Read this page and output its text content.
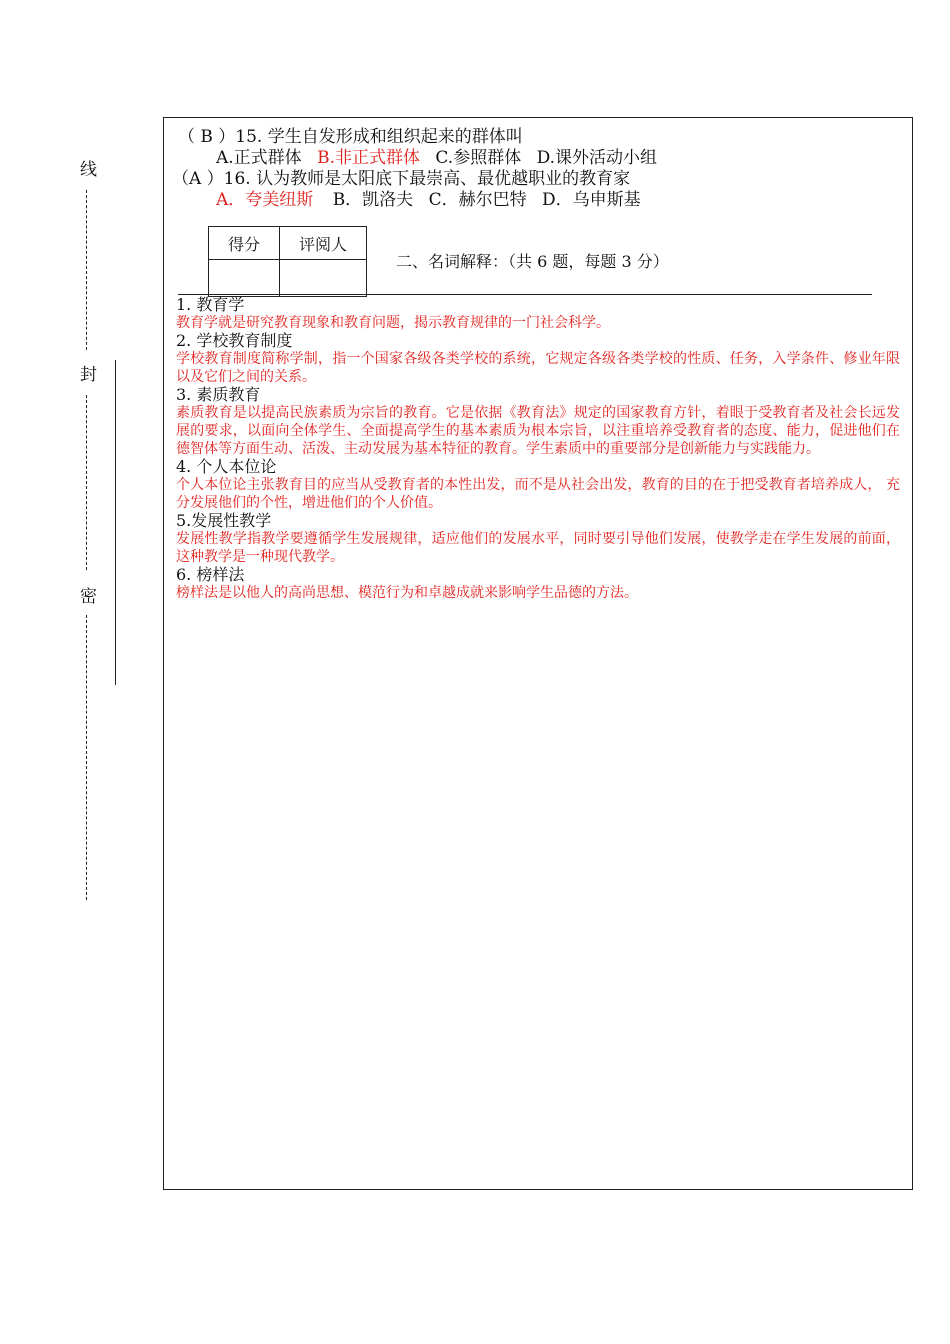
线
封
密
（ B ）15. 学生自发形成和组织起来的群体叫
A.正式群体 B.非正式群体 C.参照群体 D.课外活动小组
（A ）16. 认为教师是太阳底下最崇高、最优越职业的教育家
A．夸美纽斯 B．凯洛夫 C．赫尔巴特 D．乌申斯基
得分	评阅人

二、名词解释：（共 6 题，每题 3 分）
1. 教育学
教育学就是研究教育现象和教育问题，揭示教育规律的一门社会科学。
2. 学校教育制度
学校教育制度简称学制，指一个国家各级各类学校的系统，它规定各级各类学校的性质、任务，入学条件、修业年限以及它们之间的关系。
3. 素质教育
素质教育是以提高民族素质为宗旨的教育。它是依据《教育法》规定的国家教育方针，着眼于受教育者及社会长远发展的要求，以面向全体学生、全面提高学生的基本素质为根本宗旨，以注重培养受教育者的态度、能力，促进他们在德智体等方面生动、活泼、主动发展为基本特征的教育。学生素质中的重要部分是创新能力与实践能力。
4. 个人本位论
个人本位论主张教育目的应当从受教育者的本性出发，而不是从社会出发，教育的目的在于把受教育者培养成人， 充分发展他们的个性，增进他们的个人价值。
5.发展性教学
发展性教学指教学要遵循学生发展规律，适应他们的发展水平，同时要引导他们发展，使教学走在学生发展的前面，这种教学是一种现代教学。
6. 榜样法
榜样法是以他人的高尚思想、模范行为和卓越成就来影响学生品德的方法。
